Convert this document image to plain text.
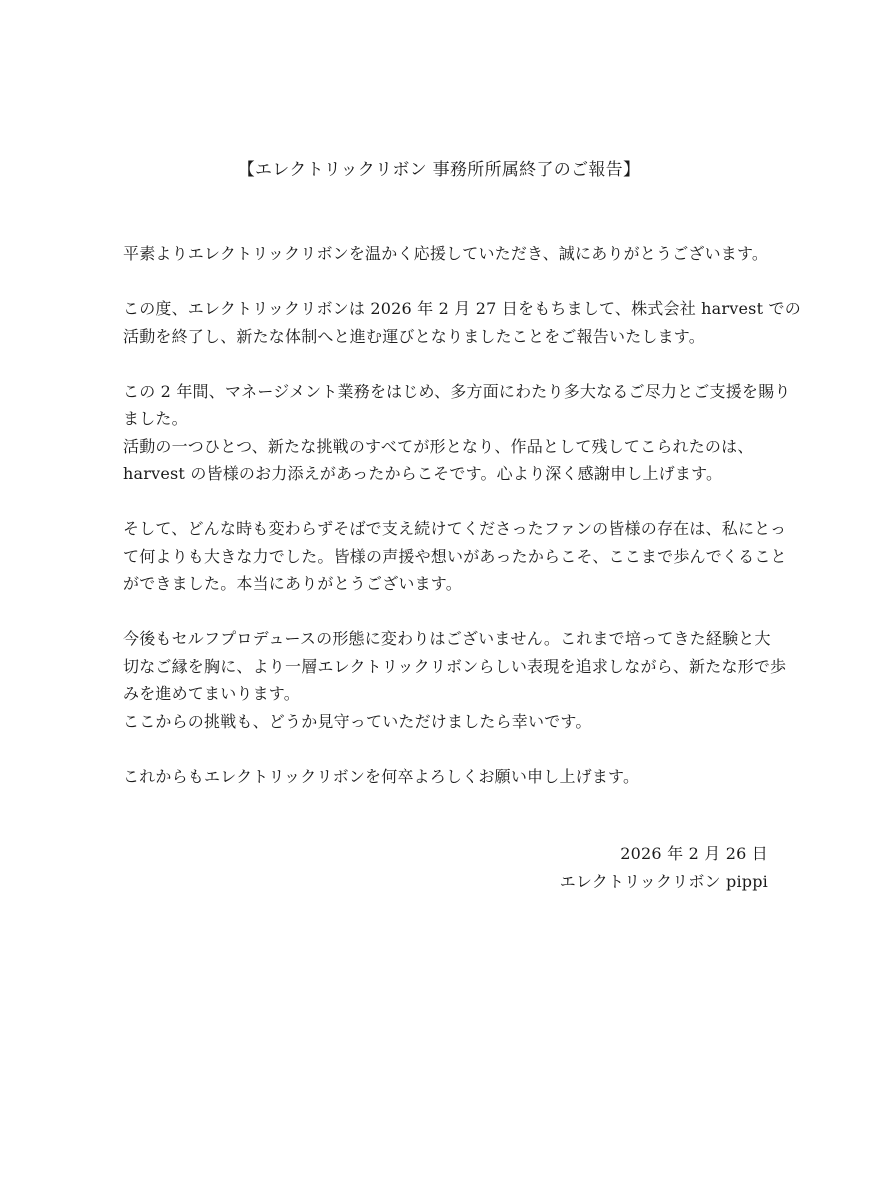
【エレクトリックリボン 事務所所属終了のご報告】

平素よりエレクトリックリボンを温かく応援していただき、誠にありがとうございます。

この度、エレクトリックリボンは 2026 年 2 月 27 日をもちまして、株式会社 harvest での
活動を終了し、新たな体制へと進む運びとなりましたことをご報告いたします。

この 2 年間、マネージメント業務をはじめ、多方面にわたり多大なるご尽力とご支援を賜り
ました。
活動の一つひとつ、新たな挑戦のすべてが形となり、作品として残してこられたのは、
harvest の皆様のお力添えがあったからこそです。心より深く感謝申し上げます。

そして、どんな時も変わらずそばで支え続けてくださったファンの皆様の存在は、私にとっ
て何よりも大きな力でした。皆様の声援や想いがあったからこそ、ここまで歩んでくること
ができました。本当にありがとうございます。

今後もセルフプロデュースの形態に変わりはございません。これまで培ってきた経験と大
切なご縁を胸に、より一層エレクトリックリボンらしい表現を追求しながら、新たな形で歩
みを進めてまいります。
ここからの挑戦も、どうか見守っていただけましたら幸いです。

これからもエレクトリックリボンを何卒よろしくお願い申し上げます。

2026 年 2 月 26 日
エレクトリックリボン pippi
